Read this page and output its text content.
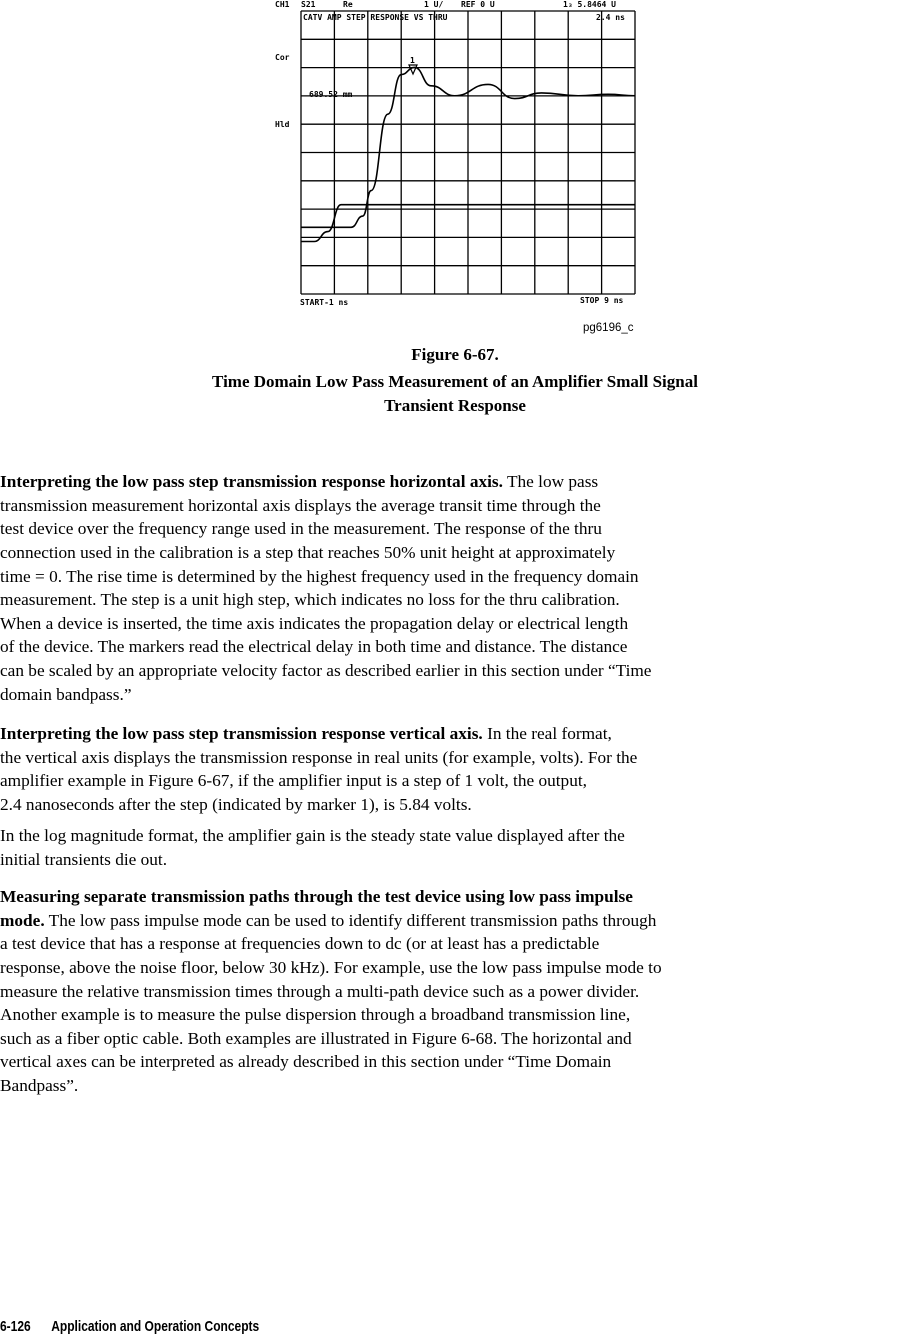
CH1 S21	Re	1 U/ REF 0 U	1₃ 5.8464 U
CATV AMP STEP RESPONSE VS THRU	2.4 ns
Cor
Hld
689.52 mm
START-1 ns	STOP 9 ns
1
pg6196_c
Figure 6-67.
Time Domain Low Pass Measurement of an Amplifier Small Signal
Transient Response
Interpreting the low pass step transmission response horizontal axis. The low pass
transmission measurement horizontal axis displays the average transit time through the
test device over the frequency range used in the measurement. The response of the thru
connection used in the calibration is a step that reaches 50% unit height at approximately
time = 0. The rise time is determined by the highest frequency used in the frequency domain
measurement. The step is a unit high step, which indicates no loss for the thru calibration.
When a device is inserted, the time axis indicates the propagation delay or electrical length
of the device. The markers read the electrical delay in both time and distance. The distance
can be scaled by an appropriate velocity factor as described earlier in this section under “Time
domain bandpass.”
Interpreting the low pass step transmission response vertical axis. In the real format,
the vertical axis displays the transmission response in real units (for example, volts). For the
amplifier example in Figure 6-67, if the amplifier input is a step of 1 volt, the output,
2.4 nanoseconds after the step (indicated by marker 1), is 5.84 volts.
In the log magnitude format, the amplifier gain is the steady state value displayed after the
initial transients die out.
Measuring separate transmission paths through the test device using low pass impulse
mode. The low pass impulse mode can be used to identify different transmission paths through
a test device that has a response at frequencies down to dc (or at least has a predictable
response, above the noise floor, below 30 kHz). For example, use the low pass impulse mode to
measure the relative transmission times through a multi-path device such as a power divider.
Another example is to measure the pulse dispersion through a broadband transmission line,
such as a fiber optic cable. Both examples are illustrated in Figure 6-68. The horizontal and
vertical axes can be interpreted as already described in this section under “Time Domain
Bandpass”.
6-126 Application and Operation Concepts
